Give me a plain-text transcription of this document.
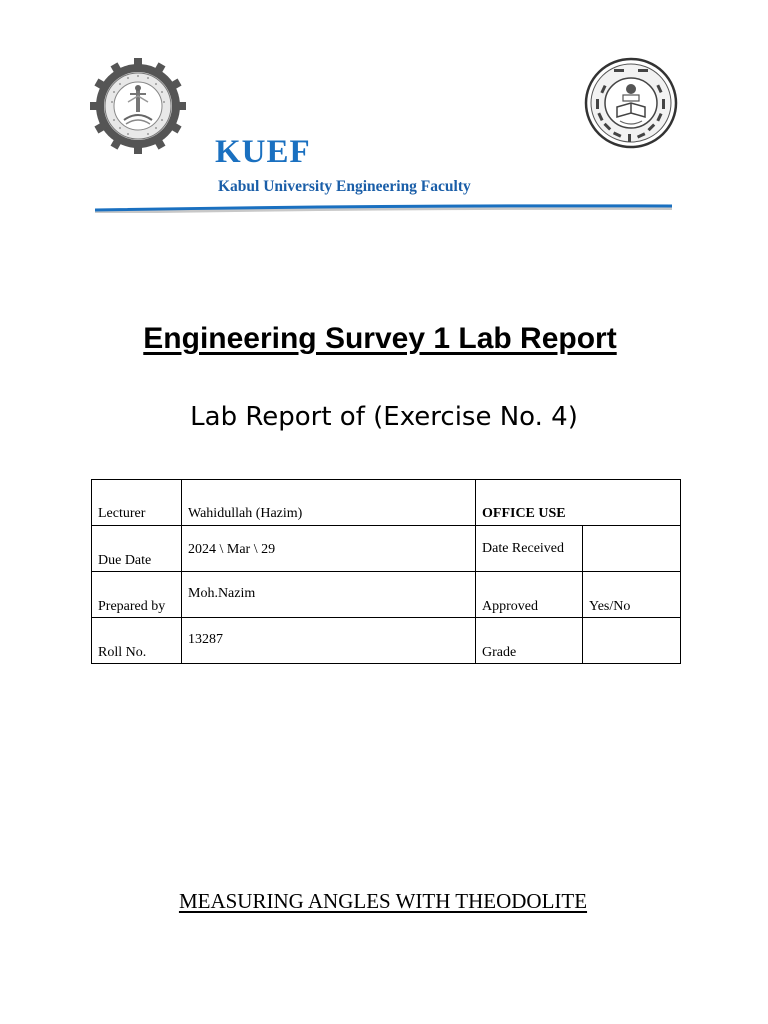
KUEF
Kabul University Engineering Faculty
Engineering Survey 1 Lab Report
Lab Report of (Exercise No. 4)
Lecturer	Wahidullah (Hazim)	OFFICE USE	
Due Date	2024 \ Mar \ 29	Date Received	
Prepared by	Moh.Nazim	Approved	Yes/No
Roll No.	13287	Grade	
MEASURING ANGLES WITH THEODOLITE
